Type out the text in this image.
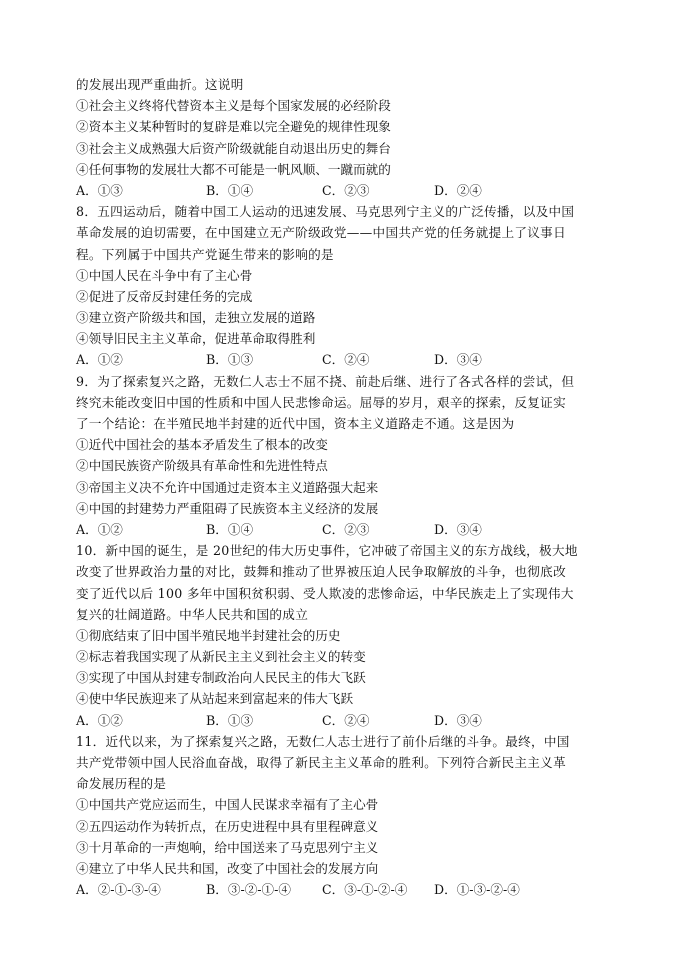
的发展出现严重曲折。这说明
①社会主义终将代替资本主义是每个国家发展的必经阶段
②资本主义某种暂时的复辟是难以完全避免的规律性现象
③社会主义成熟强大后资产阶级就能自动退出历史的舞台
④任何事物的发展壮大都不可能是一帆风顺、一蹴而就的
A．①③	B．①④	C．②③	D．②④
8．五四运动后，随着中国工人运动的迅速发展、马克思列宁主义的广泛传播，以及中国
革命发展的迫切需要，在中国建立无产阶级政党——中国共产党的任务就提上了议事日
程。下列属于中国共产党诞生带来的影响的是
①中国人民在斗争中有了主心骨
②促进了反帝反封建任务的完成
③建立资产阶级共和国，走独立发展的道路
④领导旧民主主义革命，促进革命取得胜利
A．①②	B．①③	C．②④	D．③④
9．为了探索复兴之路，无数仁人志士不屈不挠、前赴后继、进行了各式各样的尝试，但
终究未能改变旧中国的性质和中国人民悲惨命运。屈辱的岁月，艰辛的探索，反复证实
了一个结论：在半殖民地半封建的近代中国，资本主义道路走不通。这是因为
①近代中国社会的基本矛盾发生了根本的改变
②中国民族资产阶级具有革命性和先进性特点
③帝国主义决不允许中国通过走资本主义道路强大起来
④中国的封建势力严重阻碍了民族资本主义经济的发展
A．①②	B．①④	C．②③	D．③④
10．新中国的诞生，是 20世纪的伟大历史事件，它冲破了帝国主义的东方战线，极大地
改变了世界政治力量的对比，鼓舞和推动了世界被压迫人民争取解放的斗争，也彻底改
变了近代以后 100 多年中国积贫积弱、受人欺凌的悲惨命运，中华民族走上了实现伟大
复兴的壮阔道路。中华人民共和国的成立
①彻底结束了旧中国半殖民地半封建社会的历史
②标志着我国实现了从新民主主义到社会主义的转变
③实现了中国从封建专制政治向人民民主的伟大飞跃
④使中华民族迎来了从站起来到富起来的伟大飞跃
A．①②	B．①③	C．②④	D．③④
11．近代以来，为了探索复兴之路，无数仁人志士进行了前仆后继的斗争。最终，中国
共产党带领中国人民浴血奋战，取得了新民主主义革命的胜利。下列符合新民主主义革
命发展历程的是
①中国共产党应运而生，中国人民谋求幸福有了主心骨
②五四运动作为转折点，在历史进程中具有里程碑意义
③十月革命的一声炮响，给中国送来了马克思列宁主义
④建立了中华人民共和国，改变了中国社会的发展方向
A．②-①-③-④	B．③-②-①-④	C．③-①-②-④	D．①-③-②-④
